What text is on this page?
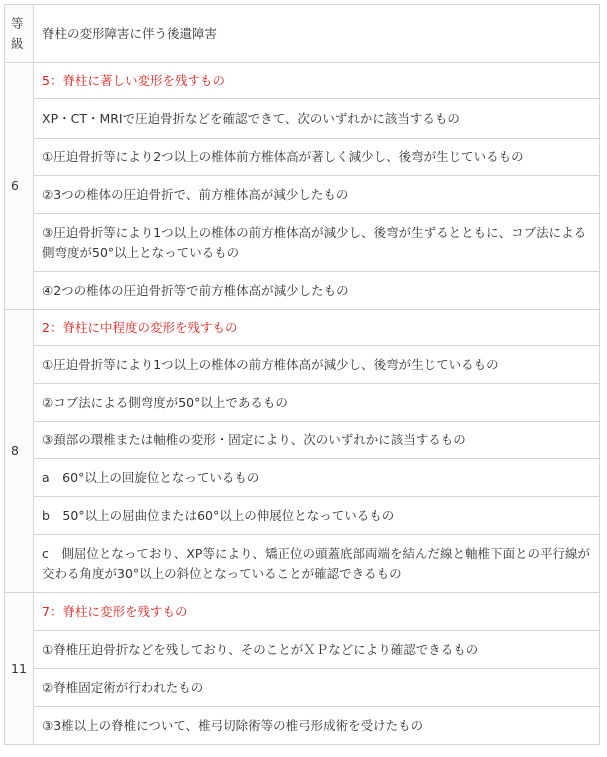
等級	脊柱の変形障害に伴う後遺障害
6	5：脊柱に著しい変形を残すもの
	XP・CT・MRIで圧迫骨折などを確認できて、次のいずれかに該当するもの
	①圧迫骨折等により2つ以上の椎体前方椎体高が著しく減少し、後弯が生じているもの
	②3つの椎体の圧迫骨折で、前方椎体高が減少したもの
	③圧迫骨折等により1つ以上の椎体の前方椎体高が減少し、後弯が生ずるとともに、コブ法による側弯度が50°以上となっているもの
	④2つの椎体の圧迫骨折等で前方椎体高が減少したもの
8	2：脊柱に中程度の変形を残すもの
	①圧迫骨折等により1つ以上の椎体の前方椎体高が減少し、後弯が生じているもの
	②コブ法による側弯度が50°以上であるもの
	③頚部の環椎または軸椎の変形・固定により、次のいずれかに該当するもの
	a　60°以上の回旋位となっているもの
	b　50°以上の屈曲位または60°以上の伸展位となっているもの
	c　側屈位となっており、XP等により、矯正位の頭蓋底部両端を結んだ線と軸椎下面との平行線が交わる角度が30°以上の斜位となっていることが確認できるもの
11	7：脊柱に変形を残すもの
	①脊椎圧迫骨折などを残しており、そのことがＸＰなどにより確認できるもの
	②脊椎固定術が行われたもの
	③3椎以上の脊椎について、椎弓切除術等の椎弓形成術を受けたもの
